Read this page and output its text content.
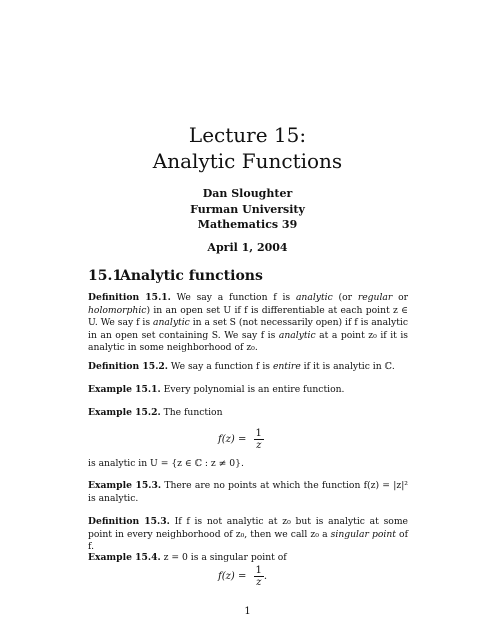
Lecture 15:
Analytic Functions
Dan Sloughter
Furman University
Mathematics 39
April 1, 2004
15.1Analytic functions
Definition 15.1. We say a function f is analytic (or regular or holomorphic) in an open set U if f is differentiable at each point z ∈ U. We say f is analytic in a set S (not necessarily open) if f is analytic in an open set containing S. We say f is analytic at a point z₀ if it is analytic in some neighborhood of z₀.
Definition 15.2. We say a function f is entire if it is analytic in ℂ.
Example 15.1. Every polynomial is an entire function.
Example 15.2. The function
$f(z) = \frac{1}{z}$
is analytic in U = {z ∈ ℂ : z ≠ 0}.
Example 15.3. There are no points at which the function f(z) = |z|² is analytic.
Definition 15.3. If f is not analytic at z₀ but is analytic at some point in every neighborhood of z₀, then we call z₀ a singular point of f.
Example 15.4. z = 0 is a singular point of
$f(z) = \frac{1}{z}$ .
1
